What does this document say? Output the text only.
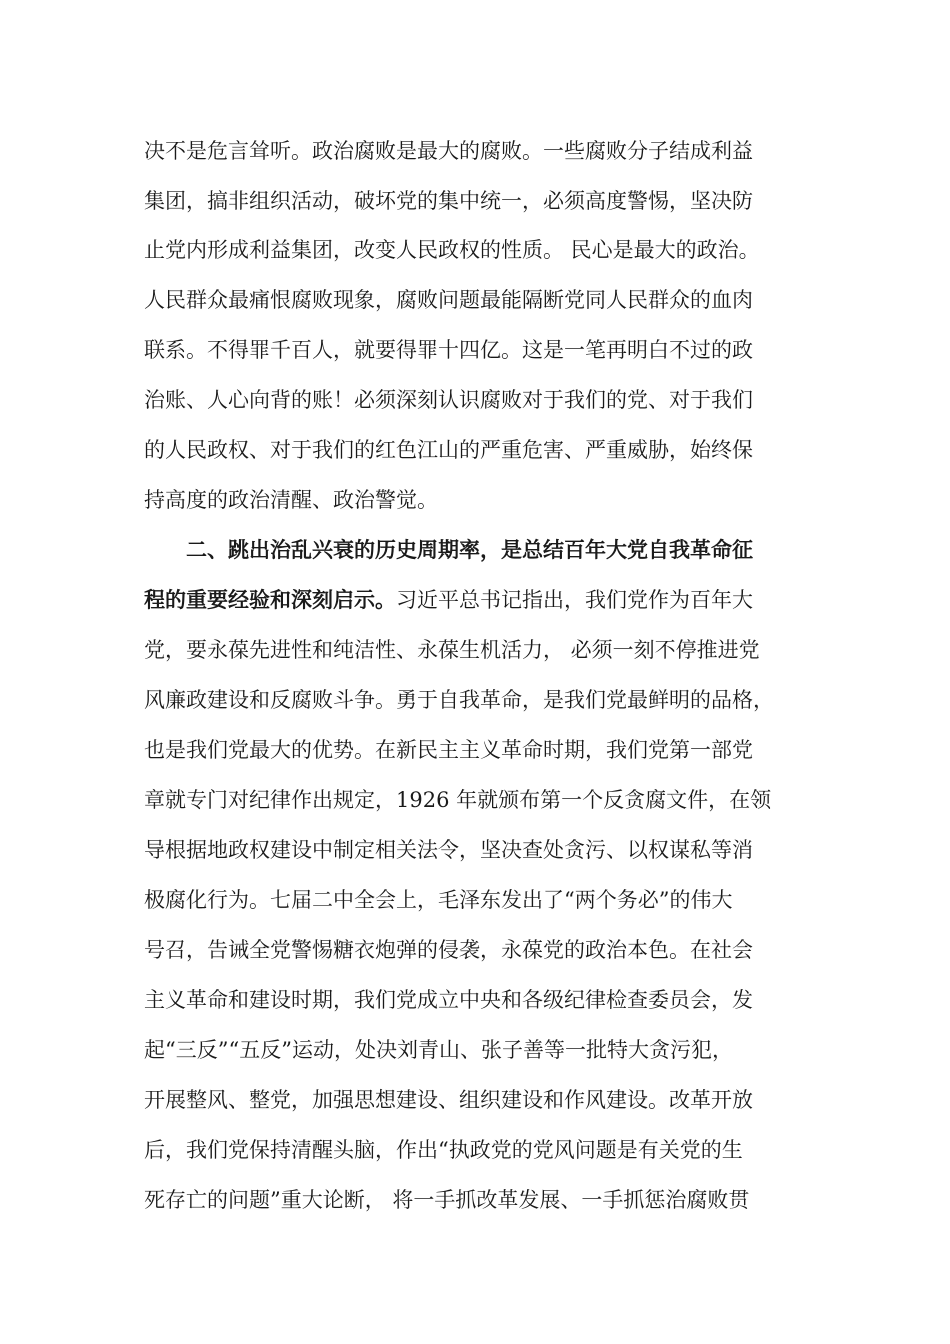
决不是危言耸听。政治腐败是最大的腐败。一些腐败分子结成利益

集团，搞非组织活动，破坏党的集中统一，必须高度警惕，坚决防

止党内形成利益集团，改变人民政权的性质。 民心是最大的政治。

人民群众最痛恨腐败现象，腐败问题最能隔断党同人民群众的血肉

联系。不得罪千百人，就要得罪十四亿。这是一笔再明白不过的政

治账、人心向背的账！必须深刻认识腐败对于我们的党、对于我们

的人民政权、对于我们的红色江山的严重危害、严重威胁，始终保

持高度的政治清醒、政治警觉。

二、跳出治乱兴衰的历史周期率，是总结百年大党自我革命征

程的重要经验和深刻启示。习近平总书记指出，我们党作为百年大

党，要永葆先进性和纯洁性、永葆生机活力， 必须一刻不停推进党

风廉政建设和反腐败斗争。勇于自我革命，是我们党最鲜明的品格，

也是我们党最大的优势。在新民主主义革命时期，我们党第一部党

章就专门对纪律作出规定，1926 年就颁布第一个反贪腐文件，在领

导根据地政权建设中制定相关法令，坚决查处贪污、以权谋私等消

极腐化行为。七届二中全会上，毛泽东发出了“两个务必”的伟大

号召，告诫全党警惕糖衣炮弹的侵袭，永葆党的政治本色。在社会

主义革命和建设时期，我们党成立中央和各级纪律检查委员会，发

起“三反”“五反”运动，处决刘青山、张子善等一批特大贪污犯，

开展整风、整党，加强思想建设、组织建设和作风建设。改革开放

后，我们党保持清醒头脑，作出“执政党的党风问题是有关党的生

死存亡的问题”重大论断， 将一手抓改革发展、一手抓惩治腐败贯
